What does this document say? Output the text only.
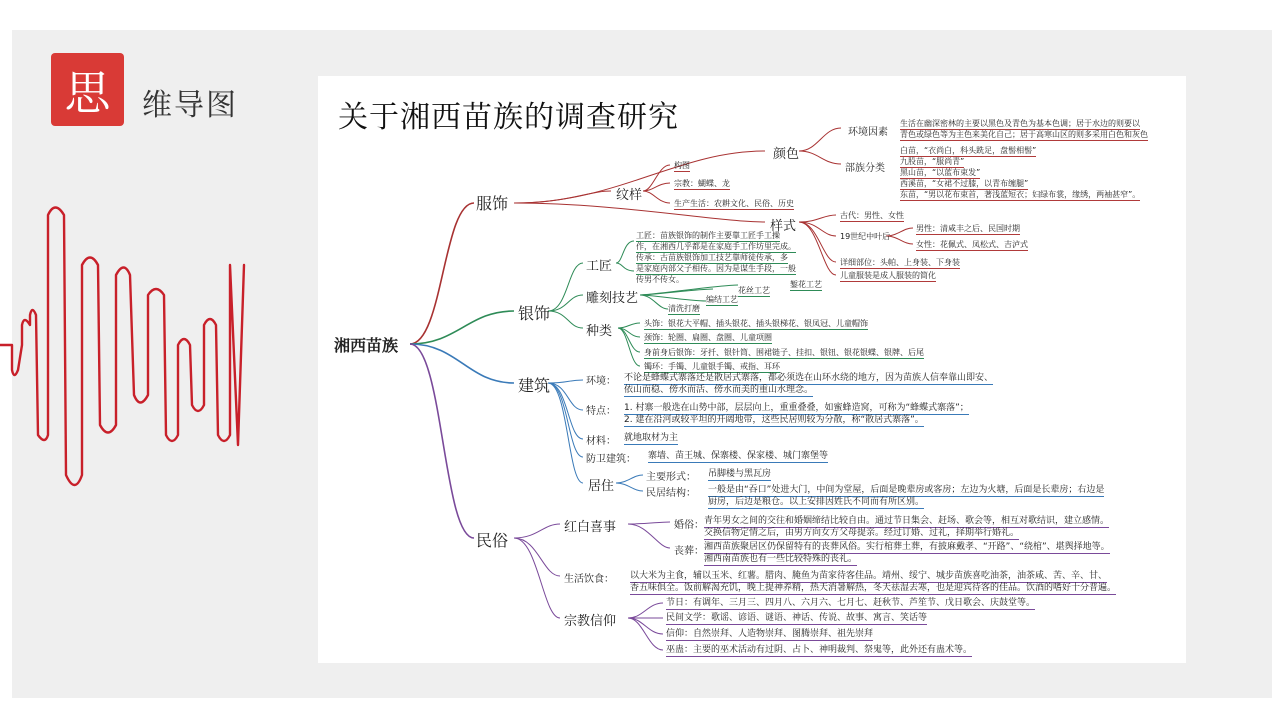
思 维导图	关于湘西苗族的调查研究
湘西苗族
服饰
颜色
环境因素
生活在幽深密林的主要以黑色及青色为基本色调；居于水边的则要以
青色或绿色等为主色来美化自己；居于高寒山区的则多采用白色和灰色
部族分类
白苗，“衣尚白，科头跣足，盘髻相髻”
九股苗，“服尚青”
黑山苗，“以蓝布束发”
西溪苗，“女裙不过膝，以青布缠腿”
东苗，“男以花布束首，著浅蓝短衣；妇绿布裳，缘绣，两袖甚窄”。
纹样
构图
宗教：蝴蝶、龙
生产生活：农耕文化、民俗、历史
样式
古代：男性、女性
19世纪中叶后
男性：清咸丰之后、民国时期
女性：花佩式、凤松式、吉泸式
详细部位：头帕、上身装、下身装
儿童服装是成人服装的简化
银饰
工匠
工匠：苗族银饰的制作主要靠工匠手工操
作，在湘西几乎都是在家庭手工作坊里完成。
传承：古苗族银饰加工技艺靠师徒传承，多
是家庭内部父子相传。因为是谋生手段，一般
传男不传女。
雕刻技艺
錾花工艺
花丝工艺
编结工艺
清洗打磨
种类
头饰：银花大平帽、插头银花、插头银梯花、银凤冠、儿童帽饰
颈饰：轮圈、扁圈、盘圈、儿童项圈
身前身后银饰：牙扦、银针筒、围裙链子、挂扣、银钮、银花银蝶、银牌、后尾
镯环：手镯、儿童银手镯、戒指、耳环
建筑	环境： 不论是蜂蝶式寨落还是散居式寨落，都必须选在山环水绕的地方，因为苗族人信奉靠山即安、
依山而稳、傍水而活、傍水而美的重山水理念。
特点： 1. 村寨一般选在山势中部，层层向上，重重叠叠，如蜜蜂造窝，可称为“蜂蝶式寨落”；
2. 建在沿河或较平坦的开阔地带，这些民居则较为分散，称“散居式寨落”。
材料： 就地取材为主
防卫建筑： 寨墙、苗王城、保寨楼、保家楼、城门寨堡等
居住
主要形式： 吊脚楼与黑瓦房
民居结构： 一般是由“吞口”处进大门，中间为堂屋，后面是晚辈房或客房；左边为火塘，后面是长辈房；右边是
厨房，后边是粮仓。以上安排因姓氏不同而有所区别。
民俗
红白喜事	婚俗： 青年男女之间的交往和婚姻缔结比较自由。通过节日集会、赶场、歌会等，相互对歌结识，建立感情。
交换信物定情之后，由男方向女方父母提亲。经过订婚、过礼，择期举行婚礼。
丧葬： 湘西苗族聚居区仍保留特有的丧葬风俗。实行棺葬土葬，有披麻戴孝、“开路”、“绕棺”、堪舆择地等。
湘西南苗族也有一些比较特殊的丧礼。
生活饮食： 以大米为主食，辅以玉米、红薯。腊肉、腌鱼为苗家待客佳品。靖州、绥宁、城步苗族喜吃油茶，油茶咸、苦、辛、甘、
香五味俱全。饭前解渴充饥，晚上提神养精，热天消暑解热，冬天祛湿去寒，也是迎宾待客的佳品。饮酒的嗜好十分普遍。
宗教信仰
节日：有调年、三月三、四月八、六月六、七月七、赶秋节、芦笙节、戊日歌会、庆鼓堂等。
民间文学：歌谣、谚语、谜语、神话、传说、故事、寓言、笑话等
信仰：自然崇拜、人造物崇拜、图腾崇拜、祖先崇拜
巫蛊：主要的巫术活动有过阴、占卜、神明裁判、祭鬼等，此外还有蛊术等。
